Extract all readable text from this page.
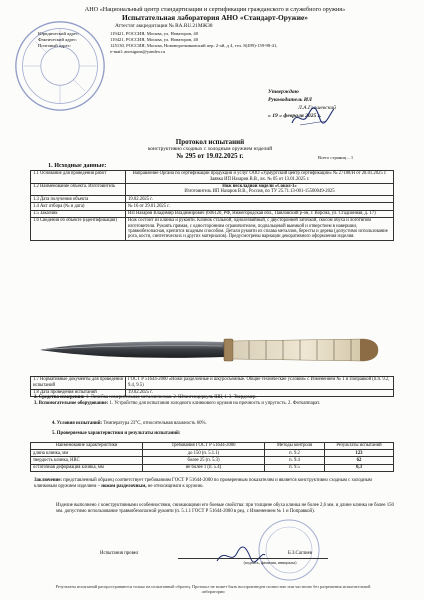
АНО «Национальный центр стандартизации и сертификации гражданского и служебного оружия»
Испытательная лаборатория АНО «Стандарт-Оружие»
Аттестат аккредитации № RA.RU.21MЖ38
Юридический адрес:	119421, РОССИЯ, Москва, ул. Новаторов, 40
Фактический адрес:	119421, РОССИЯ, Москва, ул. Новаторов, 40
Почтовый адрес:	125130, РОССИЯ, Москва, Нововоротниковский пер. 2-ой, д 4, тел. 8(499)-159-98-41,
e-mail: anostguns@yandex.ru
Утверждаю
Руководитель ИЛ
Л.А.Глашевский
« 19 » февраля 2025 г.
Протокол испытаний
конструктивно сходных с холодным оружием изделий
№ 295 от 19.02.2025 г.	Всего страниц – 1
1. Исходные данные:
1.1 Основание для проведения работ	Направление Органа по сертификации продукции и услуг ООО «Удмуртский центр сертификации» № 27188/Н от 28.01.2025 г. Заявка ИП Назаров В.В., вх. № 05 от 13.01.2025 г.
1.2 Наименование объекта. Изготовитель	Нож нескладной модели «Сокол-1»
Изготовитель ИП Назаров В.В., Россия, по ТУ 25.71.13-001-15500049-2025

1.3 Дата получения объекта	19.02.2025 г.
1.4 Акт отбора (№ и дата)	№ 16 от 29.01.2025 г.
1.5 Заказчик	ИП Назаров Владимир Владимирович (606120, РФ, Нижегородская обл., Павловский р-он, г. Ворсма, ул. Стадионная, д. 17)
1.6 Сведения об объекте (идентификация)	Нож состоит из клинка и рукояти. Клинок стальной, однолезвийный, с двусторонней заточкой, скосом обуха и логотипом изготовителя. Рукоять прямая, с односторонним ограничителем, подпальцевой выемкой и отверстием в навершии, травмобезопасная, крепится всадным способом. Детали рукояти из сплава металлов, бересты и дерева (допустимо использование рога, кости, синтетических и других материалов). Предусмотрены вариации декоративного оформления изделия.
1.7 Нормативные документы для проведения испытаний	ГОСТ Р 51644-2000 «Ножи разделочные и шкуросъемные. Общие технические условия» с Изменением № 1 и Поправкой (п.п. 9.2, 9.4, 9.5)
1.8 Дата проведения испытаний	19.02.2025 г.
2. Средства измерения: 1. Линейка измерительная металлическая. 2. Штангенциркуль ШЦ-1. 3. Твердомер.
3. Вспомогательное оборудование: 1. Устройство для испытания холодного клинкового оружия на прочность и упругость. 2. Фотоаппарат.
4. Условия испытаний: Температура 23°С, относительная влажность 60%.
5. Проверяемые характеристики и результаты испытаний:
Наименование характеристики	Требования ГОСТ Р 51644-2000	Методы контроля	Результаты испытаний
длина клинка, мм	до 150 (п. 5.1.1)	п. 9.2	123
твердость клинка, HRC	более 25 (п. 5.3)	п. 9.4	62
остаточная деформация клинка, мм	не более 1 (п. 5.4)	п. 9.5	0,3
Заключение: представленный образец соответствует требованиям ГОСТ Р 51644-2000 по проверенным показателям и является конструктивно сходным с холодным клинковым оружием изделием – ножом разделочным, не относящимся к оружию.
Изделие выполнено с конструктивными особенностями, снижающими его боевые свойства: при толщине обуха клинка не более 2,6 мм. и длине клинка не более 150 мм. допустимо использование травмобезопасной рукояти (п. 5.1.1 ГОСТ Р 51644-2000 в ред. с Изменением № 1 и Поправкой).
Испытания провел	Б.З.Саглиев
(подпись, фамилия, инициалы)
Результаты испытаний распространяются только на испытанный образец. Протокол не может быть воспроизведен полностью или частично без разрешения испытательной лаборатории
